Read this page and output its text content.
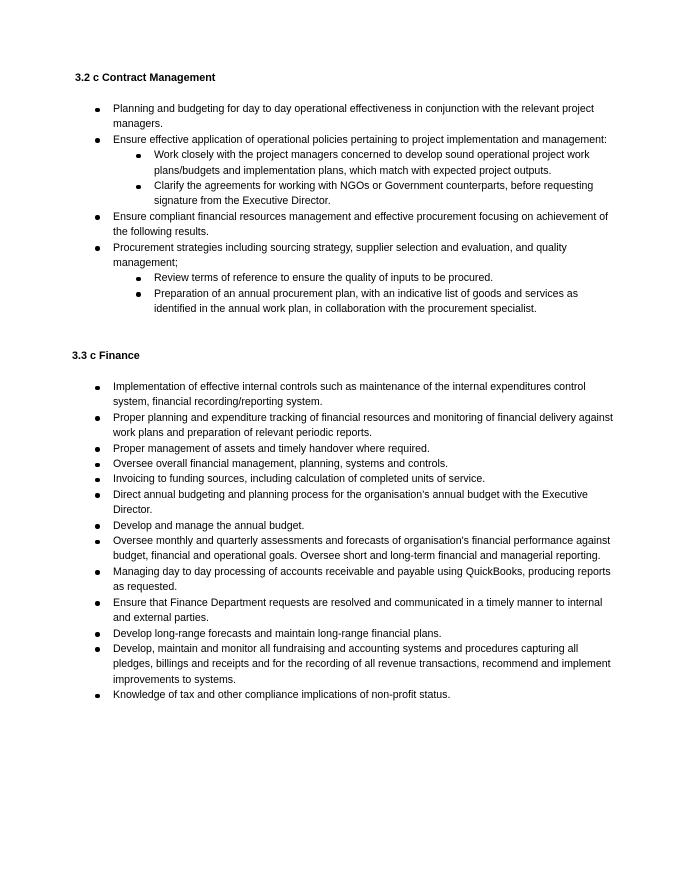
3.2 c Contract Management
Planning and budgeting for day to day operational effectiveness in conjunction with the relevant project managers.
Ensure effective application of operational policies pertaining to project implementation and management:
Work closely with the project managers concerned to develop sound operational project work plans/budgets and implementation plans, which match with expected project outputs.
Clarify the agreements for working with NGOs or Government counterparts, before requesting signature from the Executive Director.
Ensure compliant financial resources management and effective procurement focusing on achievement of the following results.
Procurement strategies including sourcing strategy, supplier selection and evaluation, and quality management;
Review terms of reference to ensure the quality of inputs to be procured.
Preparation of an annual procurement plan, with an indicative list of goods and services as identified in the annual work plan, in collaboration with the procurement specialist.
3.3 c Finance
Implementation of effective internal controls such as maintenance of the internal expenditures control system, financial recording/reporting system.
Proper planning and expenditure tracking of financial resources and monitoring of financial delivery against work plans and preparation of relevant periodic reports.
Proper management of assets and timely handover where required.
Oversee overall financial management, planning, systems and controls.
Invoicing to funding sources, including calculation of completed units of service.
Direct annual budgeting and planning process for the organisation's annual budget with the Executive Director.
Develop and manage the annual budget.
Oversee monthly and quarterly assessments and forecasts of organisation's financial performance against budget, financial and operational goals. Oversee short and long-term financial and managerial reporting.
Managing day to day processing of accounts receivable and payable using QuickBooks, producing reports as requested.
Ensure that Finance Department requests are resolved and communicated in a timely manner to internal and external parties.
Develop long-range forecasts and maintain long-range financial plans.
Develop, maintain and monitor all fundraising and accounting systems and procedures capturing all pledges, billings and receipts and for the recording of all revenue transactions, recommend and implement improvements to systems.
Knowledge of tax and other compliance implications of non-profit status.
